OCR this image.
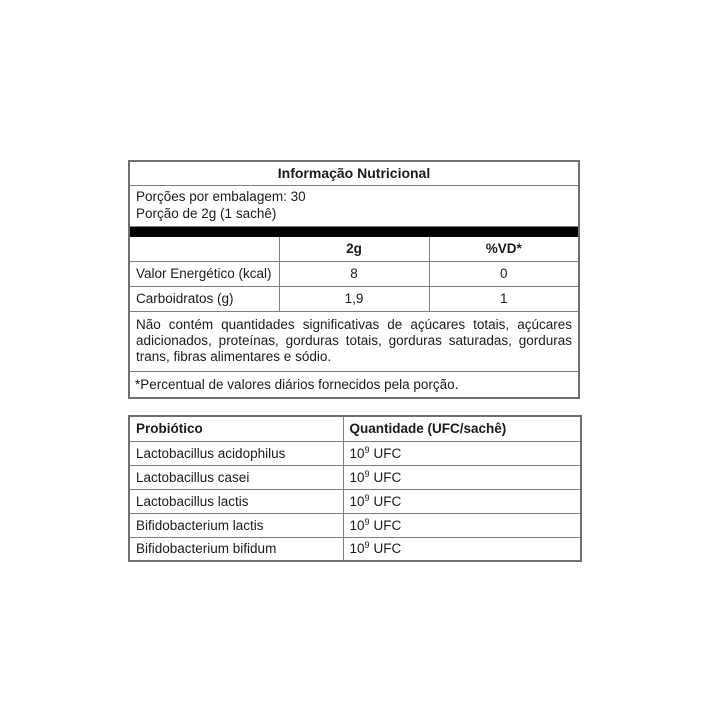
Informação Nutricional		

Porções por embalagem: 30
Porção de 2g (1 sachê)		

	2g	%VD*
Valor Energético (kcal)	8	0
Carboidratos (g)	1,9	1
Não contém quantidades significativas de açúcares totais, açúcares adicionados, proteínas, gorduras totais, gorduras saturadas, gorduras trans, fibras alimentares e sódio.		
*Percentual de valores diários fornecidos pela porção.		
Probiótico	Quantidade (UFC/sachê)
Lactobacillus acidophilus	$10^9$ UFC
Lactobacillus casei	$10^9$ UFC
Lactobacillus lactis	$10^9$ UFC
Bifidobacterium lactis	$10^9$ UFC
Bifidobacterium bifidum	$10^9$ UFC
